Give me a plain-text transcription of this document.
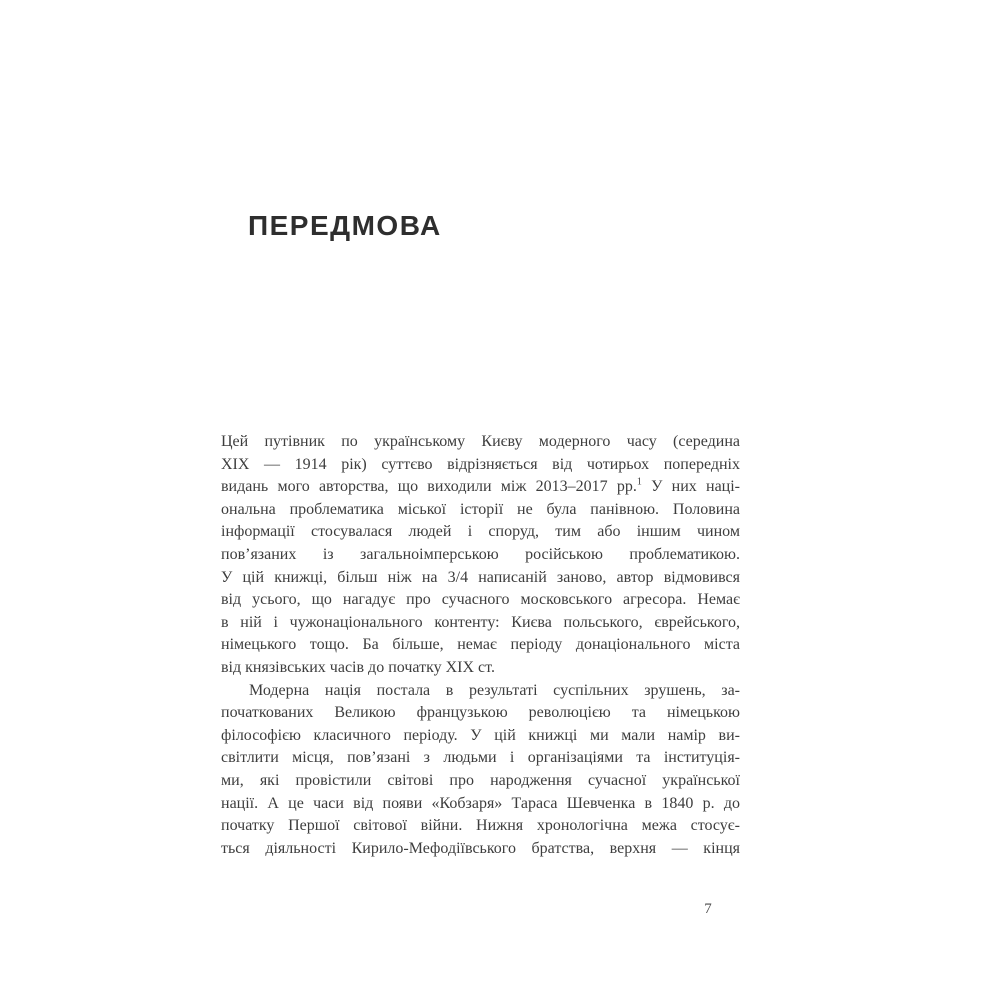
ПЕРЕДМОВА
Цей путівник по українському Києву модерного часу (середина
XIX — 1914 рік) суттєво відрізняється від чотирьох попередніх
видань мого авторства, що виходили між 2013–2017 рр.$^1$ У них наці-
ональна проблематика міської історії не була панівною. Половина
інформації стосувалася людей і споруд, тим або іншим чином
пов’язаних із загальноімперською російською проблематикою.
У цій книжці, більш ніж на 3/4 написаній заново, автор відмовився
від усього, що нагадує про сучасного московського агресора. Немає
в ній і чужонаціонального контенту: Києва польського, єврейського,
німецького тощо. Ба більше, немає періоду донаціонального міста
від князівських часів до початку XIX ст.
Модерна нація постала в результаті суспільних зрушень, за-
початкованих Великою французькою революцією та німецькою
філософією класичного періоду. У цій книжці ми мали намір ви-
світлити місця, пов’язані з людьми і організаціями та інституція-
ми, які провістили світові про народження сучасної української
нації. А це часи від появи «Кобзаря» Тараса Шевченка в 1840 р. до
початку Першої світової війни. Нижня хронологічна межа стосує-
ться діяльності Кирило-Мефодіївського братства, верхня — кінця
7
